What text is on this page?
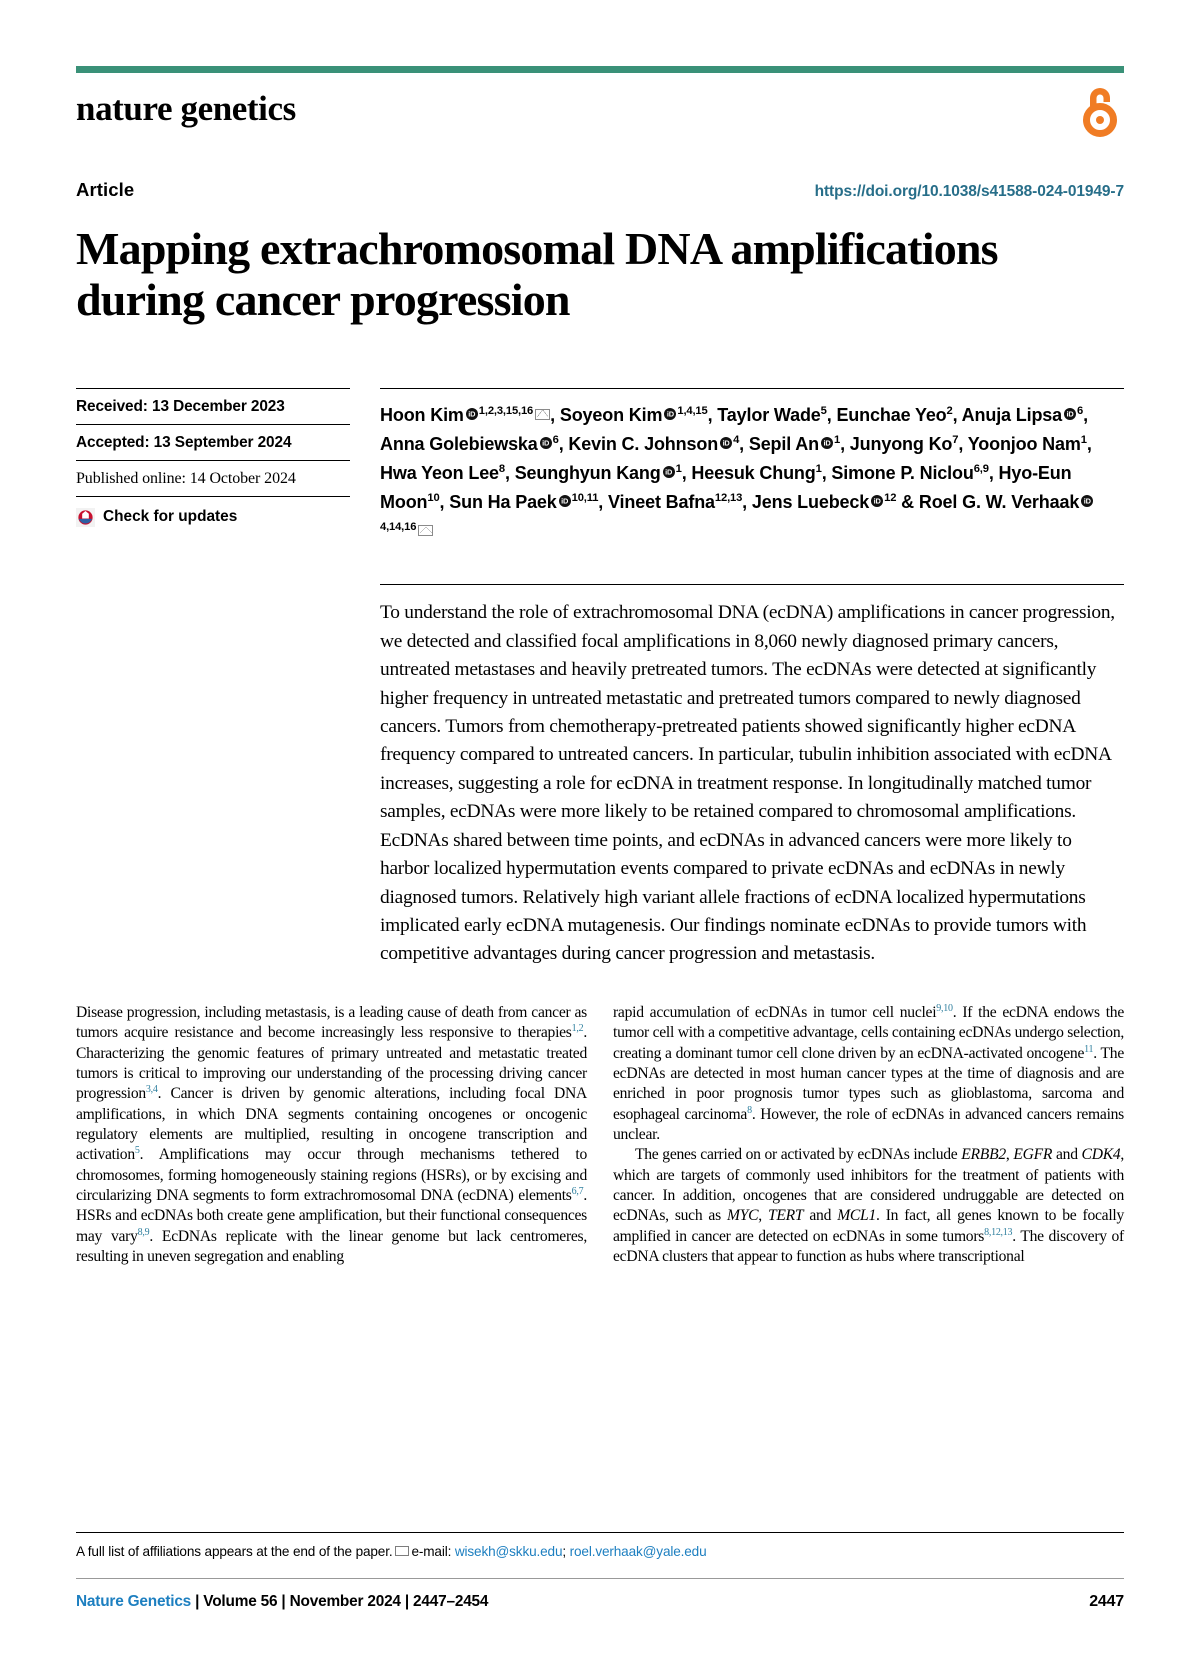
nature genetics
Article	https://doi.org/10.1038/s41588-024-01949-7
Mapping extrachromosomal DNA amplifications during cancer progression
Received: 13 December 2023
Accepted: 13 September 2024
Published online: 14 October 2024
Check for updates
Hoon Kim iD $^{1,2,3,15,16}$ , Soyeon Kim iD $^{1,4,15}$, Taylor Wade$^5$, Eunchae Yeo$^2$, Anuja Lipsa iD $^6$, Anna Golebiewska iD $^6$, Kevin C. Johnson iD $^4$, Sepil An iD $^1$, Junyong Ko$^7$, Yoonjoo Nam$^1$, Hwa Yeon Lee$^8$, Seunghyun Kang iD $^1$, Heesuk Chung$^1$, Simone P. Niclou$^{6,9}$, Hyo-Eun Moon$^{10}$, Sun Ha Paek iD $^{10,11}$, Vineet Bafna$^{12,13}$, Jens Luebeck iD $^{12}$ & Roel G. W. VerhaakiD$^{4,14,16}$
To understand the role of extrachromosomal DNA (ecDNA) amplifications in cancer progression, we detected and classified focal amplifications in 8,060 newly diagnosed primary cancers, untreated metastases and heavily pretreated tumors. The ecDNAs were detected at significantly higher frequency in untreated metastatic and pretreated tumors compared to newly diagnosed cancers. Tumors from chemotherapy-pretreated patients showed significantly higher ecDNA frequency compared to untreated cancers. In particular, tubulin inhibition associated with ecDNA increases, suggesting a role for ecDNA in treatment response. In longitudinally matched tumor samples, ecDNAs were more likely to be retained compared to chromosomal amplifications. EcDNAs shared between time points, and ecDNAs in advanced cancers were more likely to harbor localized hypermutation events compared to private ecDNAs and ecDNAs in newly diagnosed tumors. Relatively high variant allele fractions of ecDNA localized hypermutations implicated early ecDNA mutagenesis. Our findings nominate ecDNAs to provide tumors with competitive advantages during cancer progression and metastasis.

Disease progression, including metastasis, is a leading cause of death from cancer as tumors acquire resistance and become increasingly less responsive to therapies$^{1,2}$. Characterizing the genomic features of primary untreated and metastatic treated tumors is critical to improving our understanding of the processing driving cancer progression$^{3,4}$. Cancer is driven by genomic alterations, including focal DNA amplifications, in which DNA segments containing oncogenes or oncogenic regulatory elements are multiplied, resulting in oncogene transcription and activation$^5$. Amplifications may occur through mechanisms tethered to chromosomes, forming homogeneously staining regions (HSRs), or by excising and circularizing DNA segments to form extrachromosomal DNA (ecDNA) elements$^{6,7}$. HSRs and ecDNAs both create gene amplification, but their functional consequences may vary$^{8,9}$. EcDNAs replicate with the linear genome but lack centromeres, resulting in uneven segregation and enabling

rapid accumulation of ecDNAs in tumor cell nuclei$^{9,10}$. If the ecDNA endows the tumor cell with a competitive advantage, cells containing ecDNAs undergo selection, creating a dominant tumor cell clone driven by an ecDNA-activated oncogene$^{11}$. The ecDNAs are detected in most human cancer types at the time of diagnosis and are enriched in poor prognosis tumor types such as glioblastoma, sarcoma and esophageal carcinoma$^8$. However, the role of ecDNAs in advanced cancers remains unclear.

The genes carried on or activated by ecDNAs include ERBB2, EGFR and CDK4, which are targets of commonly used inhibitors for the treatment of patients with cancer. In addition, oncogenes that are considered undruggable are detected on ecDNAs, such as MYC, TERT and MCL1. In fact, all genes known to be focally amplified in cancer are detected on ecDNAs in some tumors$^{8,12,13}$. The discovery of ecDNA clusters that appear to function as hubs where transcriptional

A full list of affiliations appears at the end of the paper. e-mail: wisekh@skku.edu; roel.verhaak@yale.edu
Nature Genetics | Volume 56 | November 2024 | 2447–2454	2447
